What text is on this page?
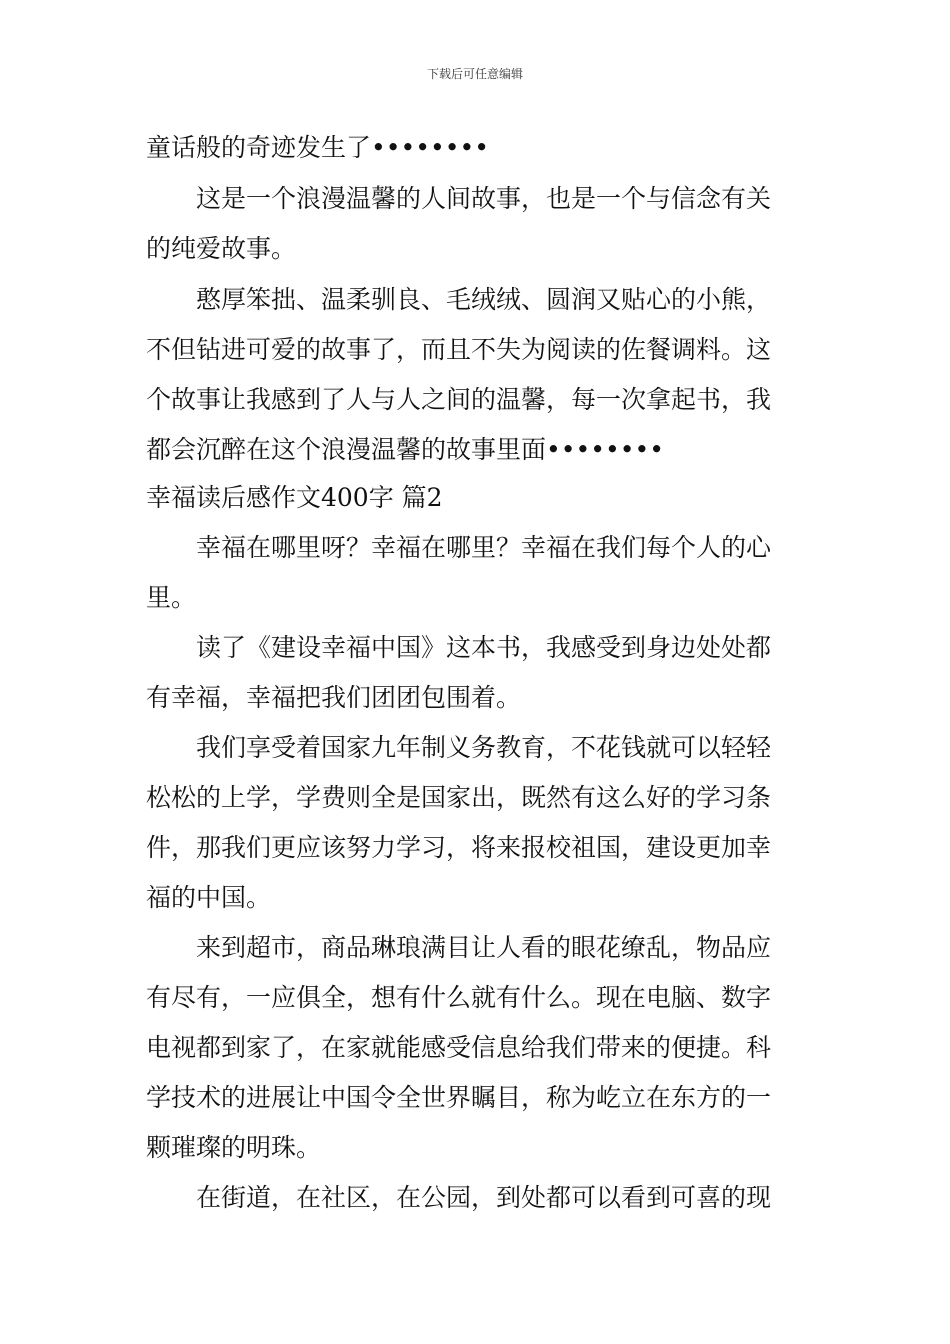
下载后可任意编辑
童话般的奇迹发生了••••••••
这是一个浪漫温馨的人间故事，也是一个与信念有关
的纯爱故事。
憨厚笨拙、温柔驯良、毛绒绒、圆润又贴心的小熊，
不但钻进可爱的故事了，而且不失为阅读的佐餐调料。这
个故事让我感到了人与人之间的温馨，每一次拿起书，我
都会沉醉在这个浪漫温馨的故事里面••••••••
幸福读后感作文400字 篇2
幸福在哪里呀？幸福在哪里？幸福在我们每个人的心
里。
读了《建设幸福中国》这本书，我感受到身边处处都
有幸福，幸福把我们团团包围着。
我们享受着国家九年制义务教育，不花钱就可以轻轻
松松的上学，学费则全是国家出，既然有这么好的学习条
件，那我们更应该努力学习，将来报校祖国，建设更加幸
福的中国。
来到超市，商品琳琅满目让人看的眼花缭乱，物品应
有尽有，一应俱全，想有什么就有什么。现在电脑、数字
电视都到家了，在家就能感受信息给我们带来的便捷。科
学技术的进展让中国令全世界瞩目，称为屹立在东方的一
颗璀璨的明珠。
在街道，在社区，在公园，到处都可以看到可喜的现
